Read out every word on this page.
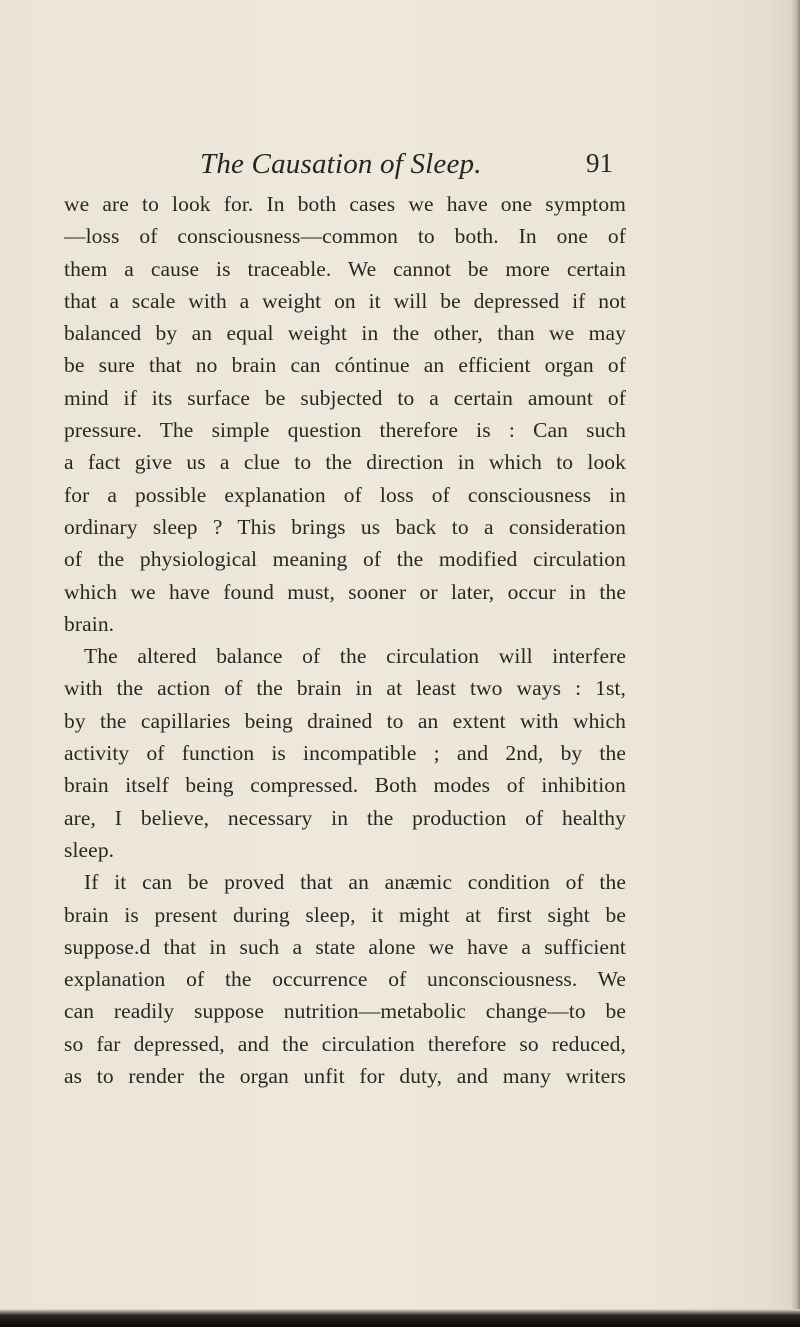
The Causation of Sleep.	91
we are to look for. In both cases we have one symptom
—loss of consciousness—common to both. In one of
them a cause is traceable. We cannot be more certain
that a scale with a weight on it will be depressed if not
balanced by an equal weight in the other, than we may
be sure that no brain can cóntinue an efficient organ of
mind if its surface be subjected to a certain amount of
pressure. The simple question therefore is : Can such
a fact give us a clue to the direction in which to look
for a possible explanation of loss of consciousness in
ordinary sleep ? This brings us back to a consideration
of the physiological meaning of the modified circulation
which we have found must, sooner or later, occur in the
brain.
The altered balance of the circulation will interfere
with the action of the brain in at least two ways : 1st,
by the capillaries being drained to an extent with which
activity of function is incompatible ; and 2nd, by the
brain itself being compressed. Both modes of inhibition
are, I believe, necessary in the production of healthy
sleep.
If it can be proved that an anæmic condition of the
brain is present during sleep, it might at first sight be
suppose.d that in such a state alone we have a sufficient
explanation of the occurrence of unconsciousness. We
can readily suppose nutrition—metabolic change—to be
so far depressed, and the circulation therefore so reduced,
as to render the organ unfit for duty, and many writers
